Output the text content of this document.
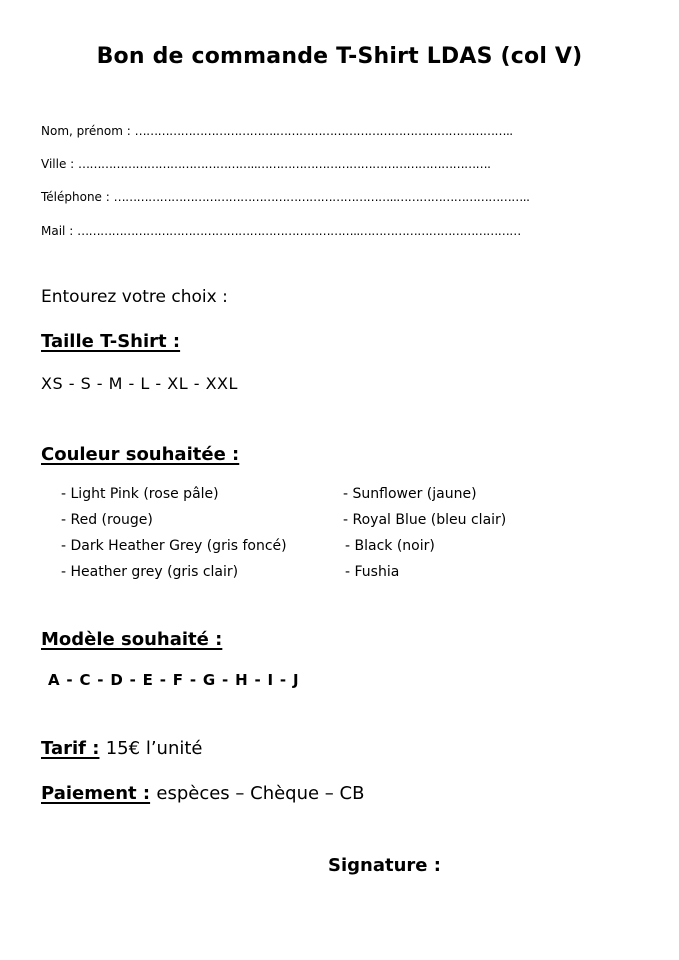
Bon de commande T-Shirt LDAS (col V)
Nom, prénom : ……………………………….……………………………………………………..
Ville : ………………………………………..…………………………………………………….
Téléphone : ………………………………………………………………..……………………………..
Mail : ………………………………………………………………..……………………………………
Entourez votre choix :
Taille T-Shirt :
XS - S - M - L - XL - XXL
Couleur souhaitée :
- Light Pink (rose pâle)
- Red (rouge)
- Dark Heather Grey (gris foncé)
- Heather grey (gris clair)
- Sunflower (jaune)
- Royal Blue (bleu clair)
- Black (noir)
- Fushia
Modèle souhaité :
A - C - D - E - F - G - H - I - J
Tarif : 15€ l’unité
Paiement : espèces – Chèque – CB
Signature :
